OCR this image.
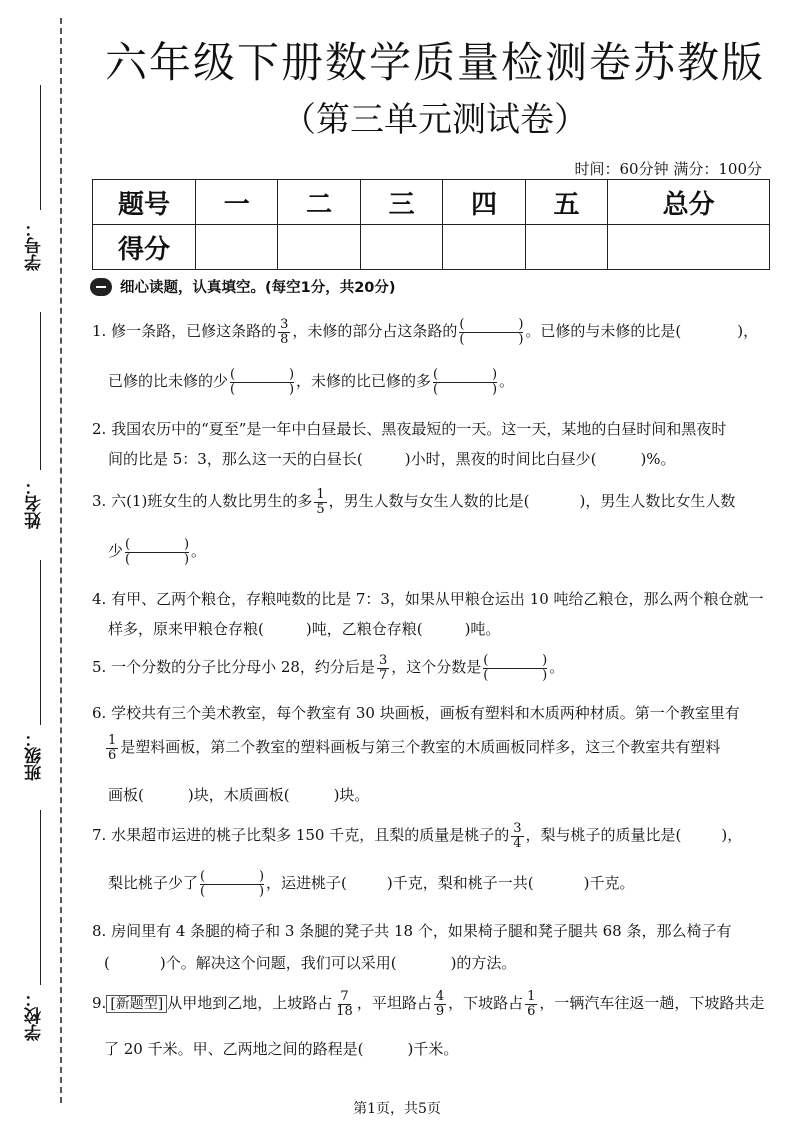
学号：
姓名：
班级：
学校：
六年级下册数学质量检测卷苏教版
（第三单元测试卷）
时间：60分钟 满分：100分
题号	一	二	三	四	五	总分
得分						
细心读题，认真填空。(每空1分，共20分)
1. 修一条路，已修这条路的 $\frac{3}{8}$ ，未修的部分占这条路的 (	)
(	) 。已修的与未修的比是(	)，
已修的比未修的少 (	)
(	) ，未修的比已修的多 (	)
(	) 。
2. 我国农历中的“夏至”是一年中白昼最长、黑夜最短的一天。这一天，某地的白昼时间和黑夜时
间的比是 5：3，那么这一天的白昼长(	)小时，黑夜的时间比白昼少(	)%。
3. 六(1)班女生的人数比男生的多 $\frac{1}{5}$ ，男生人数与女生人数的比是(	)，男生人数比女生人数
少 (	)
(	) 。
4. 有甲、乙两个粮仓，存粮吨数的比是 7：3，如果从甲粮仓运出 10 吨给乙粮仓，那么两个粮仓就一
样多，原来甲粮仓存粮(	)吨，乙粮仓存粮(	)吨。
5. 一个分数的分子比分母小 28，约分后是 $\frac{3}{7}$ ，这个分数是 (	)
(	) 。
6. 学校共有三个美术教室，每个教室有 30 块画板，画板有塑料和木质两种材质。第一个教室里有
$\frac{1}{6}$ 是塑料画板，第二个教室的塑料画板与第三个教室的木质画板同样多，这三个教室共有塑料
画板(	)块，木质画板(	)块。
7. 水果超市运进的桃子比梨多 150 千克，且梨的质量是桃子的 $\frac{3}{4}$ ，梨与桃子的质量比是(	)，
梨比桃子少了 (	)
(	) ，运进桃子(	)千克，梨和桃子一共(	)千克。
8. 房间里有 4 条腿的椅子和 3 条腿的凳子共 18 个，如果椅子腿和凳子腿共 68 条，那么椅子有
(	)个。解决这个问题，我们可以采用(	)的方法。
9. [新题型] 从甲地到乙地，上坡路占 $\frac{7}{18}$ ，平坦路占 $\frac{4}{9}$ ，下坡路占 $\frac{1}{6}$ ，一辆汽车往返一趟，下坡路共走
了 20 千米。甲、乙两地之间的路程是(	)千米。
第1页，共5页
